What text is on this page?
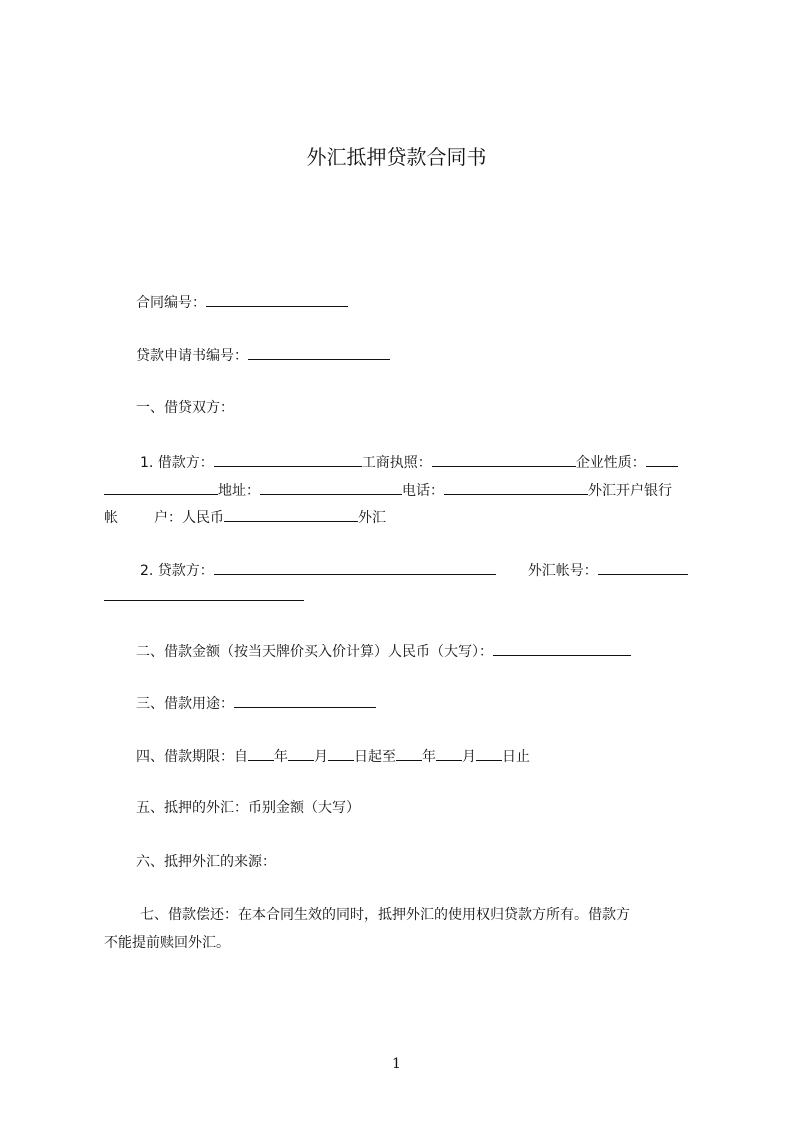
外汇抵押贷款合同书
合同编号：
贷款申请书编号：
一、借贷双方：
1. 借款方：	工商执照：	企业性质：
地址：	电话：	外汇开户银行
帐	户：人民币	外汇
2. 贷款方：	外汇帐号：
二、借款金额（按当天牌价买入价计算）人民币（大写）：
三、借款用途：
四、借款期限：自 年 月 日起至 年 月 日止
五、抵押的外汇：币别金额（大写）
六、抵押外汇的来源：
七、借款偿还：在本合同生效的同时，抵押外汇的使用权归贷款方所有。借款方
不能提前赎回外汇。
1
